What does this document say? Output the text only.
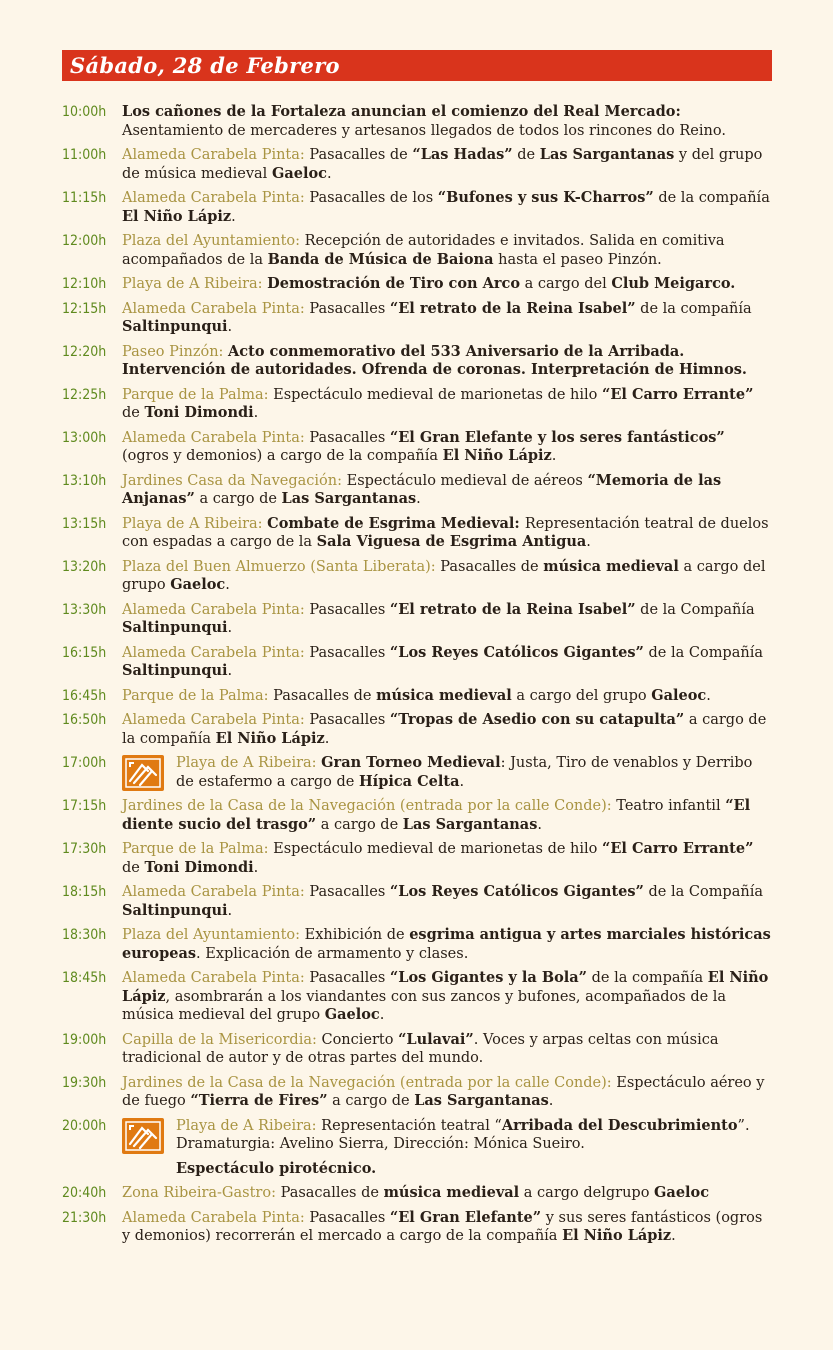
Sábado, 28 de Febrero
10:00h	Los cañones de la Fortaleza anuncian el comienzo del Real Mercado: Asentamiento de mercaderes y artesanos llegados de todos los rincones do Reino.
11:00h	Alameda Carabela Pinta: Pasacalles de “Las Hadas” de Las Sargantanas y del grupo de música medieval Gaeloc.
11:15h	Alameda Carabela Pinta: Pasacalles de los “Bufones y sus K-Charros” de la compañía El Niño Lápiz.
12:00h	Plaza del Ayuntamiento: Recepción de autoridades e invitados. Salida en comitiva acompañados de la Banda de Música de Baiona hasta el paseo Pinzón.
12:10h	Playa de A Ribeira: Demostración de Tiro con Arco a cargo del Club Meigarco.
12:15h	Alameda Carabela Pinta: Pasacalles “El retrato de la Reina Isabel” de la compañía Saltinpunqui.
12:20h	Paseo Pinzón: Acto conmemorativo del 533 Aniversario de la Arribada. Intervención de autoridades. Ofrenda de coronas. Interpretación de Himnos.
12:25h	Parque de la Palma: Espectáculo medieval de marionetas de hilo “El Carro Errante” de Toni Dimondi.
13:00h	Alameda Carabela Pinta: Pasacalles “El Gran Elefante y los seres fantásticos” (ogros y demonios) a cargo de la compañía El Niño Lápiz.
13:10h	Jardines Casa da Navegación: Espectáculo medieval de aéreos “Memoria de las Anjanas” a cargo de Las Sargantanas.
13:15h	Playa de A Ribeira: Combate de Esgrima Medieval: Representación teatral de duelos con espadas a cargo de la Sala Viguesa de Esgrima Antigua.
13:20h	Plaza del Buen Almuerzo (Santa Liberata): Pasacalles de música medieval a cargo del grupo Gaeloc.
13:30h	Alameda Carabela Pinta: Pasacalles “El retrato de la Reina Isabel” de la Compañía Saltinpunqui.
16:15h	Alameda Carabela Pinta: Pasacalles “Los Reyes Católicos Gigantes” de la Compañía Saltinpunqui.
16:45h	Parque de la Palma: Pasacalles de música medieval a cargo del grupo Galeoc.
16:50h	Alameda Carabela Pinta: Pasacalles “Tropas de Asedio con su catapulta” a cargo de la compañía El Niño Lápiz.
17:00h	Playa de A Ribeira: Gran Torneo Medieval: Justa, Tiro de venablos y Derribo de estafermo a cargo de Hípica Celta.
17:15h	Jardines de la Casa de la Navegación (entrada por la calle Conde): Teatro infantil “El diente sucio del trasgo” a cargo de Las Sargantanas.
17:30h	Parque de la Palma: Espectáculo medieval de marionetas de hilo “El Carro Errante” de Toni Dimondi.
18:15h	Alameda Carabela Pinta: Pasacalles “Los Reyes Católicos Gigantes” de la Compañía Saltinpunqui.
18:30h	Plaza del Ayuntamiento: Exhibición de esgrima antigua y artes marciales históricas europeas. Explicación de armamento y clases.
18:45h	Alameda Carabela Pinta: Pasacalles “Los Gigantes y la Bola” de la compañía El Niño Lápiz, asombrarán a los viandantes con sus zancos y bufones, acompañados de la música medieval del grupo Gaeloc.
19:00h	Capilla de la Misericordia: Concierto “Lulavai”. Voces y arpas celtas con música tradicional de autor y de otras partes del mundo.
19:30h	Jardines de la Casa de la Navegación (entrada por la calle Conde): Espectáculo aéreo y de fuego “Tierra de Fires” a cargo de Las Sargantanas.
20:00h	Playa de A Ribeira: Representación teatral “Arribada del Descubrimiento”. Dramaturgia: Avelino Sierra, Dirección: Mónica Sueiro.
Espectáculo pirotécnico.
20:40h	Zona Ribeira-Gastro: Pasacalles de música medieval a cargo delgrupo Gaeloc
21:30h	Alameda Carabela Pinta: Pasacalles “El Gran Elefante” y sus seres fantásticos (ogros y demonios) recorrerán el mercado a cargo de la compañía El Niño Lápiz.
